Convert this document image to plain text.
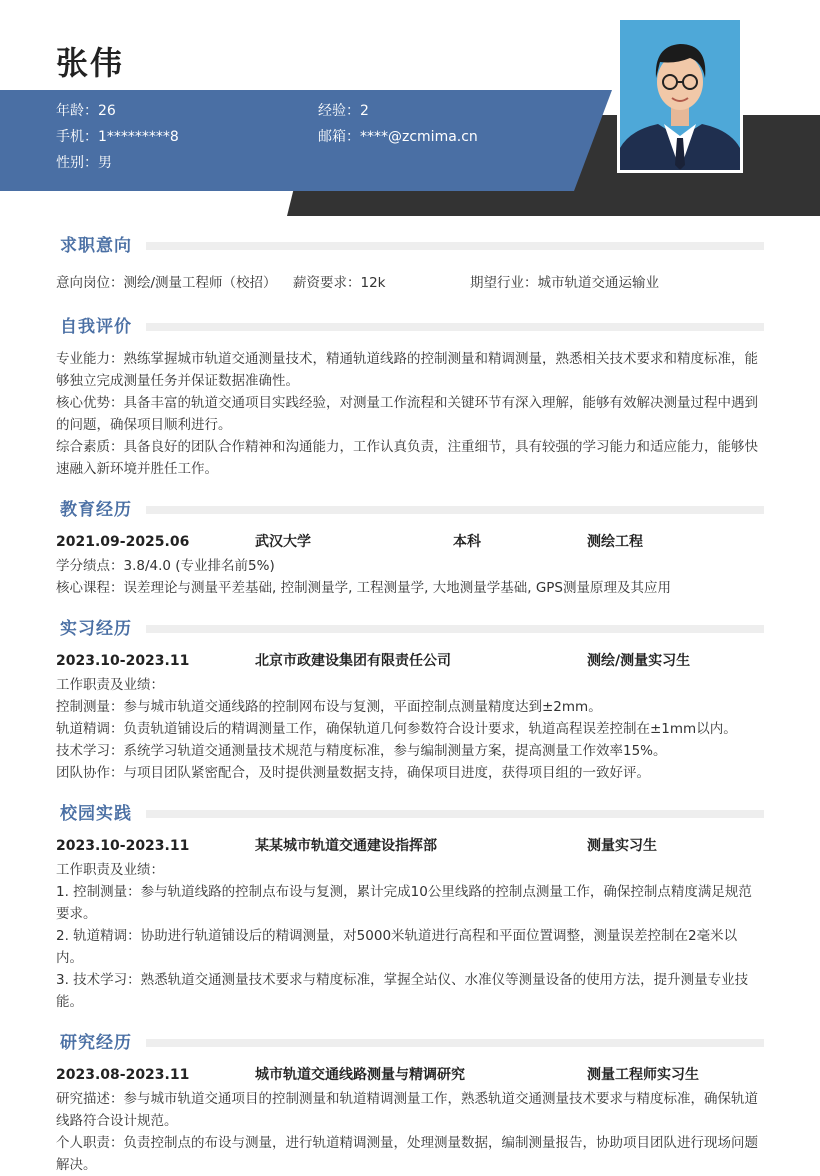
张伟
年龄：26	经验：2
手机：1*********8	邮箱：****@zcmima.cn
性别：男
求职意向
意向岗位：测绘/测量工程师（校招） 薪资要求：12k	期望行业：城市轨道交通运输业
自我评价
专业能力：熟练掌握城市轨道交通测量技术，精通轨道线路的控制测量和精调测量，熟悉相关技术要求和精度标准，能够独立完成测量任务并保证数据准确性。
核心优势：具备丰富的轨道交通项目实践经验，对测量工作流程和关键环节有深入理解，能够有效解决测量过程中遇到的问题，确保项目顺利进行。
综合素质：具备良好的团队合作精神和沟通能力，工作认真负责，注重细节，具有较强的学习能力和适应能力，能够快速融入新环境并胜任工作。
教育经历
2021.09-2025.06	武汉大学	本科	测绘工程
学分绩点：3.8/4.0 (专业排名前5%)
核心课程：误差理论与测量平差基础, 控制测量学, 工程测量学, 大地测量学基础, GPS测量原理及其应用
实习经历
2023.10-2023.11	北京市政建设集团有限责任公司	测绘/测量实习生
工作职责及业绩：
控制测量：参与城市轨道交通线路的控制网布设与复测，平面控制点测量精度达到±2mm。
轨道精调：负责轨道铺设后的精调测量工作，确保轨道几何参数符合设计要求，轨道高程误差控制在±1mm以内。
技术学习：系统学习轨道交通测量技术规范与精度标准，参与编制测量方案，提高测量工作效率15%。
团队协作：与项目团队紧密配合，及时提供测量数据支持，确保项目进度，获得项目组的一致好评。
校园实践
2023.10-2023.11	某某城市轨道交通建设指挥部	测量实习生
工作职责及业绩：
1. 控制测量：参与轨道线路的控制点布设与复测，累计完成10公里线路的控制点测量工作，确保控制点精度满足规范要求。
2. 轨道精调：协助进行轨道铺设后的精调测量，对5000米轨道进行高程和平面位置调整，测量误差控制在2毫米以内。
3. 技术学习：熟悉轨道交通测量技术要求与精度标准，掌握全站仪、水准仪等测量设备的使用方法，提升测量专业技能。
研究经历
2023.08-2023.11	城市轨道交通线路测量与精调研究	测量工程师实习生
研究描述：参与城市轨道交通项目的控制测量和轨道精调测量工作，熟悉轨道交通测量技术要求与精度标准，确保轨道线路符合设计规范。
个人职责：负责控制点的布设与测量，进行轨道精调测量，处理测量数据，编制测量报告，协助项目团队进行现场问题解决。
